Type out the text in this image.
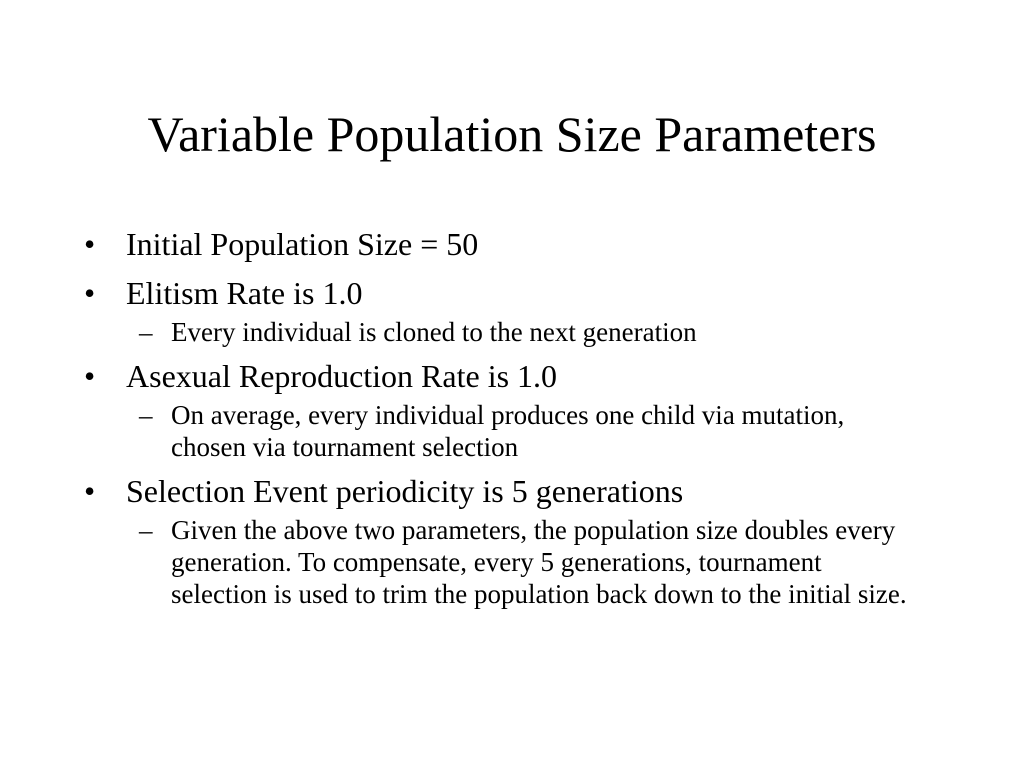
Variable Population Size Parameters
• Initial Population Size = 50
• Elitism Rate is 1.0
– Every individual is cloned to the next generation
• Asexual Reproduction Rate is 1.0
– On average, every individual produces one child via mutation, chosen via tournament selection
• Selection Event periodicity is 5 generations
– Given the above two parameters, the population size doubles every generation. To compensate, every 5 generations, tournament selection is used to trim the population back down to the initial size.
